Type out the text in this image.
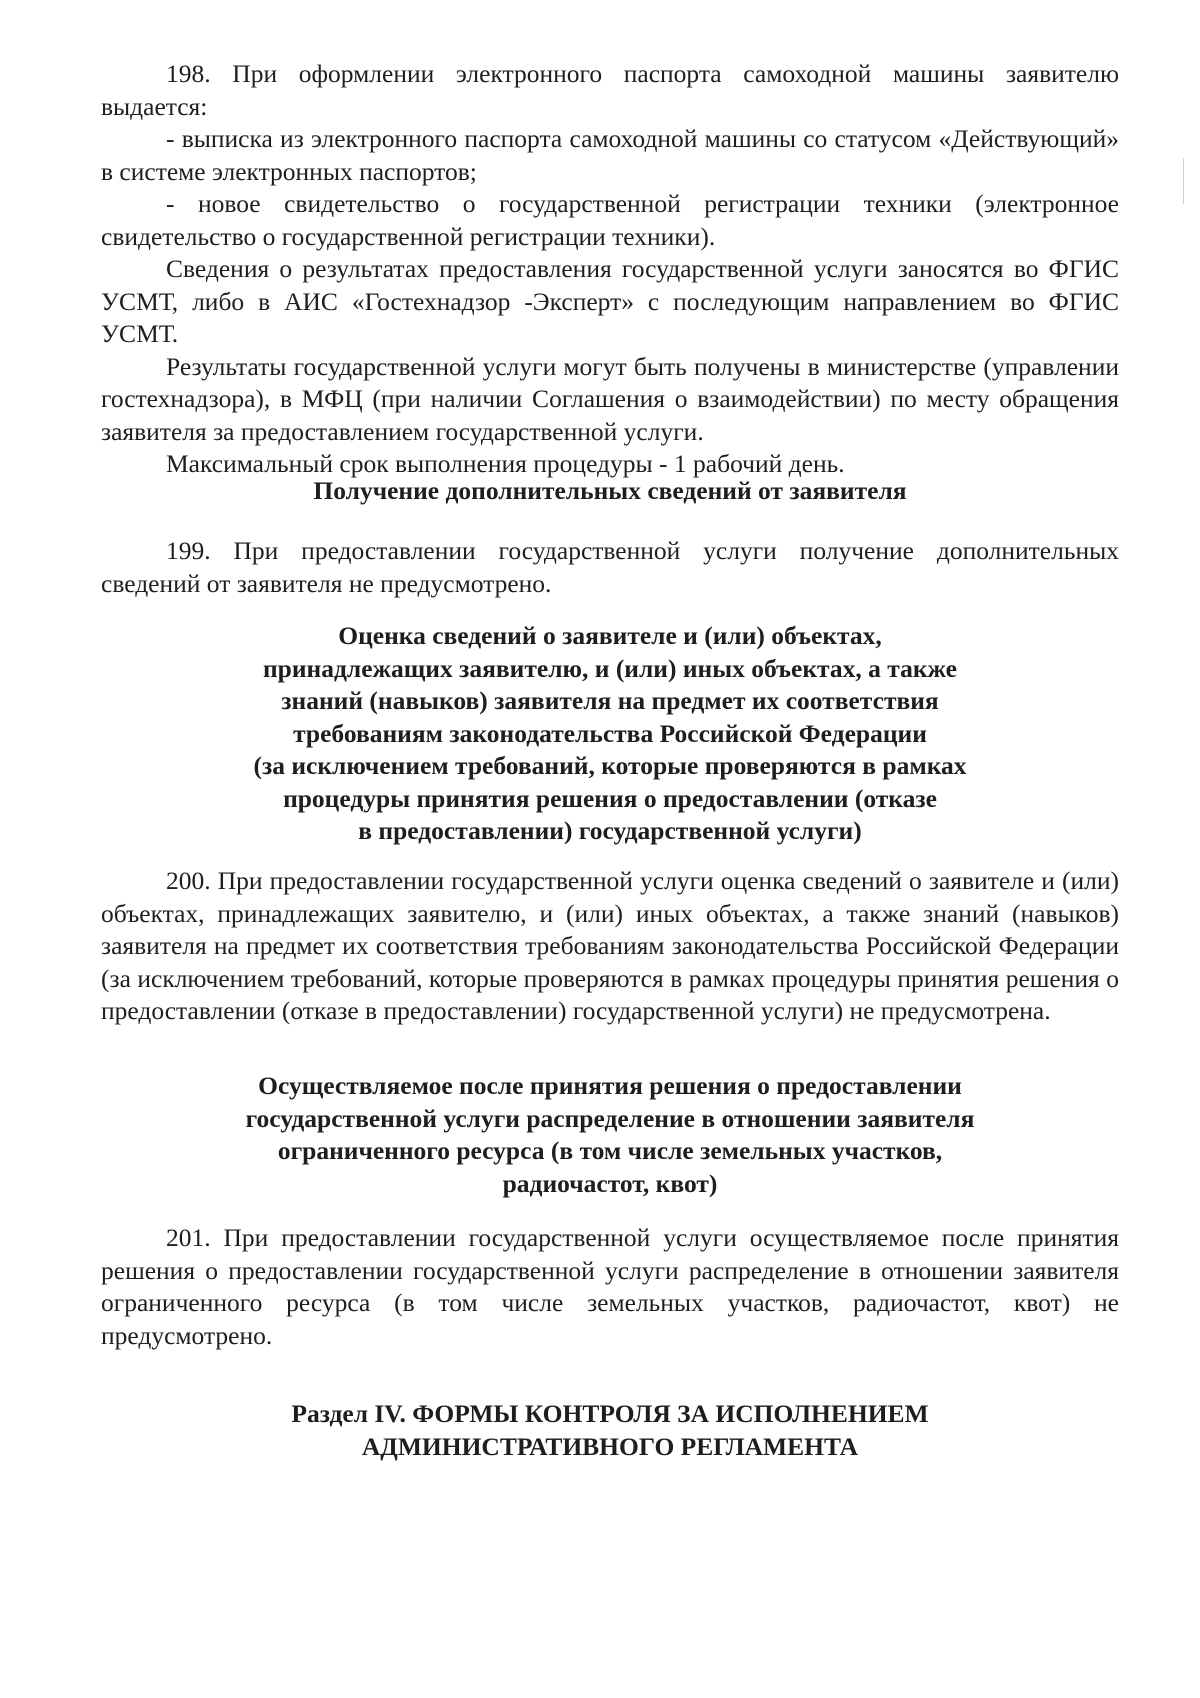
198. При оформлении электронного паспорта самоходной машины заявителю выдается:

- выписка из электронного паспорта самоходной машины со статусом «Действующий» в системе электронных паспортов;

- новое свидетельство о государственной регистрации техники (электронное свидетельство о государственной регистрации техники).

Сведения о результатах предоставления государственной услуги заносятся во ФГИС УСМТ, либо в АИС «Гостехнадзор -Эксперт» с последующим направлением во ФГИС УСМТ.

Результаты государственной услуги могут быть получены в министерстве (управлении гостехнадзора), в МФЦ (при наличии Соглашения о взаимодействии) по месту обращения заявителя за предоставлением государственной услуги.

Максимальный срок выполнения процедуры - 1 рабочий день.

Получение дополнительных сведений от заявителя

199. При предоставлении государственной услуги получение дополнительных сведений от заявителя не предусмотрено.

Оценка сведений о заявителе и (или) объектах,
принадлежащих заявителю, и (или) иных объектах, а также
знаний (навыков) заявителя на предмет их соответствия
требованиям законодательства Российской Федерации
(за исключением требований, которые проверяются в рамках
процедуры принятия решения о предоставлении (отказе
в предоставлении) государственной услуги)

200. При предоставлении государственной услуги оценка сведений о заявителе и (или) объектах, принадлежащих заявителю, и (или) иных объектах, а также знаний (навыков) заявителя на предмет их соответствия требованиям законодательства Российской Федерации (за исключением требований, которые проверяются в рамках процедуры принятия решения о предоставлении (отказе в предоставлении) государственной услуги) не предусмотрена.

Осуществляемое после принятия решения о предоставлении
государственной услуги распределение в отношении заявителя
ограниченного ресурса (в том числе земельных участков,
радиочастот, квот)

201. При предоставлении государственной услуги осуществляемое после принятия решения о предоставлении государственной услуги распределение в отношении заявителя ограниченного ресурса (в том числе земельных участков, радиочастот, квот) не предусмотрено.

Раздел IV. ФОРМЫ КОНТРОЛЯ ЗА ИСПОЛНЕНИЕМ
АДМИНИСТРАТИВНОГО РЕГЛАМЕНТА
